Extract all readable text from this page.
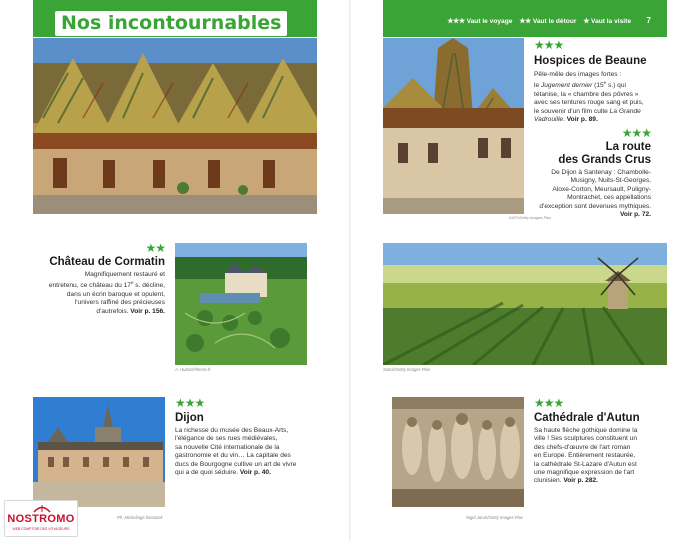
Nos incontournables	★★★ Vaut le voyage ★★ Vaut le détour ★ Vaut la visite 7
KATO/Getty Images Plus
★★★
Hospices de Beaune
Pêle-mêle des images fortes :
le Jugement dernier (15e s.) qui
tétanise, la « chambre des pôvres »
avec ses tentures rouge sang et puis,
le souvenir d'un film culte La Grande
Vadrouille. Voir p. 89.
★★★
La route
des Grands Crus
De Dijon à Santenay : Chambolle-
Musigny, Nuits-St-Georges,
Aloxe-Corton, Meursault, Puligny-
Montrachet, ces appellations
d'exception sont devenues mythiques.
Voir p. 72.
★★
Château de Cormatin
Magnifiquement restauré et
entretenu, ce château du 17e s. décline,
dans un écrin baroque et opulent,
l'univers raffiné des précieuses
d'autrefois. Voir p. 156.
A. Hubrich/hemis.fr	Sotiris/Getty Images Plus
Ph. Michel/age fotostock
★★★
Dijon
La richesse du musée des Beaux-Arts,
l'élégance de ses rues médiévales,
sa nouvelle Cité internationale de la
gastronomie et du vin… La capitale des
ducs de Bourgogne cultive un art de vivre
qui a de quoi séduire. Voir p. 40.
Nigel Jarvis/Getty Images Plus
★★★
Cathédrale d'Autun
Sa haute flèche gothique domine la
ville ! Ses sculptures constituent un
des chefs-d'œuvre de l'art roman
en Europe. Entièrement restaurée,
la cathédrale St-Lazare d'Autun est
une magnifique expression de l'art
clunisien. Voir p. 282.
NOSTROMO
WEB COMPTOIR DES VOYAGEURS
